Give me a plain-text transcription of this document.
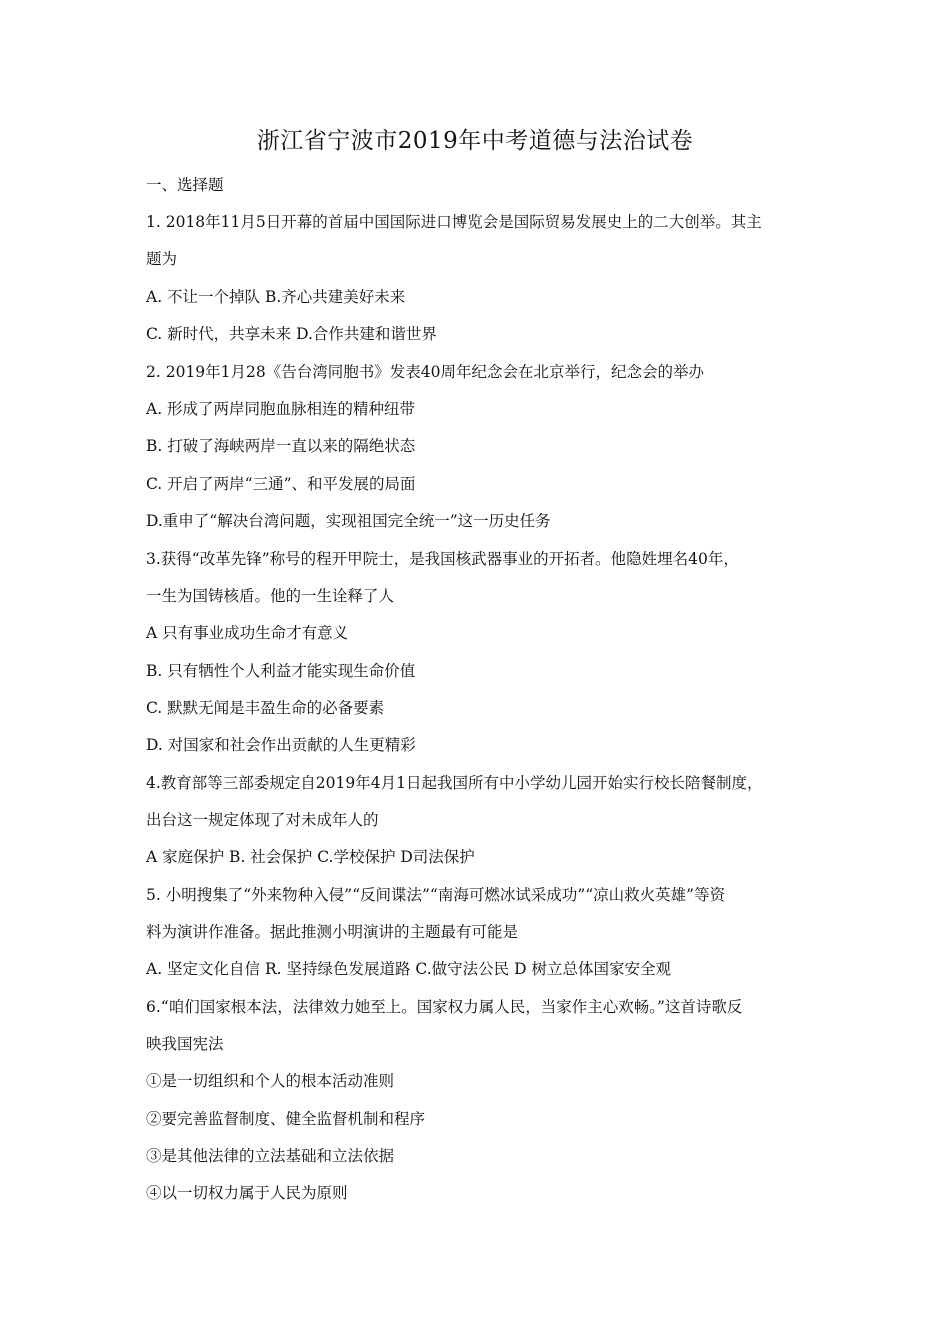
浙江省宁波市2019年中考道德与法治试卷

一、选择题

1. 2018年11月5日开幕的首届中国国际进口博览会是国际贸易发展史上的二大创举。其主

题为

A. 不让一个掉队 B.齐心共建美好未来

C. 新时代，共享未来 D.合作共建和谐世界

2. 2019年1月28《告台湾同胞书》发表40周年纪念会在北京举行，纪念会的举办

A. 形成了两岸同胞血脉相连的精种纽带

B. 打破了海峡两岸一直以来的隔绝状态

C. 开启了两岸“三通”、和平发展的局面

D.重申了“解决台湾问题，实现祖国完全统一”这一历史任务

3.获得“改革先锋”称号的程开甲院士，是我国核武器事业的开拓者。他隐姓埋名40年，

一生为国铸核盾。他的一生诠释了人

A 只有事业成功生命才有意义

B. 只有牺性个人利益才能实现生命价值

C. 默默无闻是丰盈生命的必备要素

D. 对国家和社会作出贡献的人生更精彩

4.教育部等三部委规定自2019年4月1日起我国所有中小学幼儿园开始实行校长陪餐制度，

出台这一规定体现了对未成年人的

A 家庭保护 B. 社会保护 C.学校保护 D司法保护

5. 小明搜集了“外来物种入侵”“反间谍法”“南海可燃冰试采成功”“凉山救火英雄”等资

料为演讲作准备。据此推测小明演讲的主题最有可能是

A. 坚定文化自信 R. 坚持绿色发展道路 C.做守法公民 D 树立总体国家安全观

6.“咱们国家根本法，法律效力她至上。国家权力属人民，当家作主心欢畅。”这首诗歌反

映我国宪法

①是一切组织和个人的根本活动准则

②要完善监督制度、健全监督机制和程序

③是其他法律的立法基础和立法依据

④以一切权力属于人民为原则
